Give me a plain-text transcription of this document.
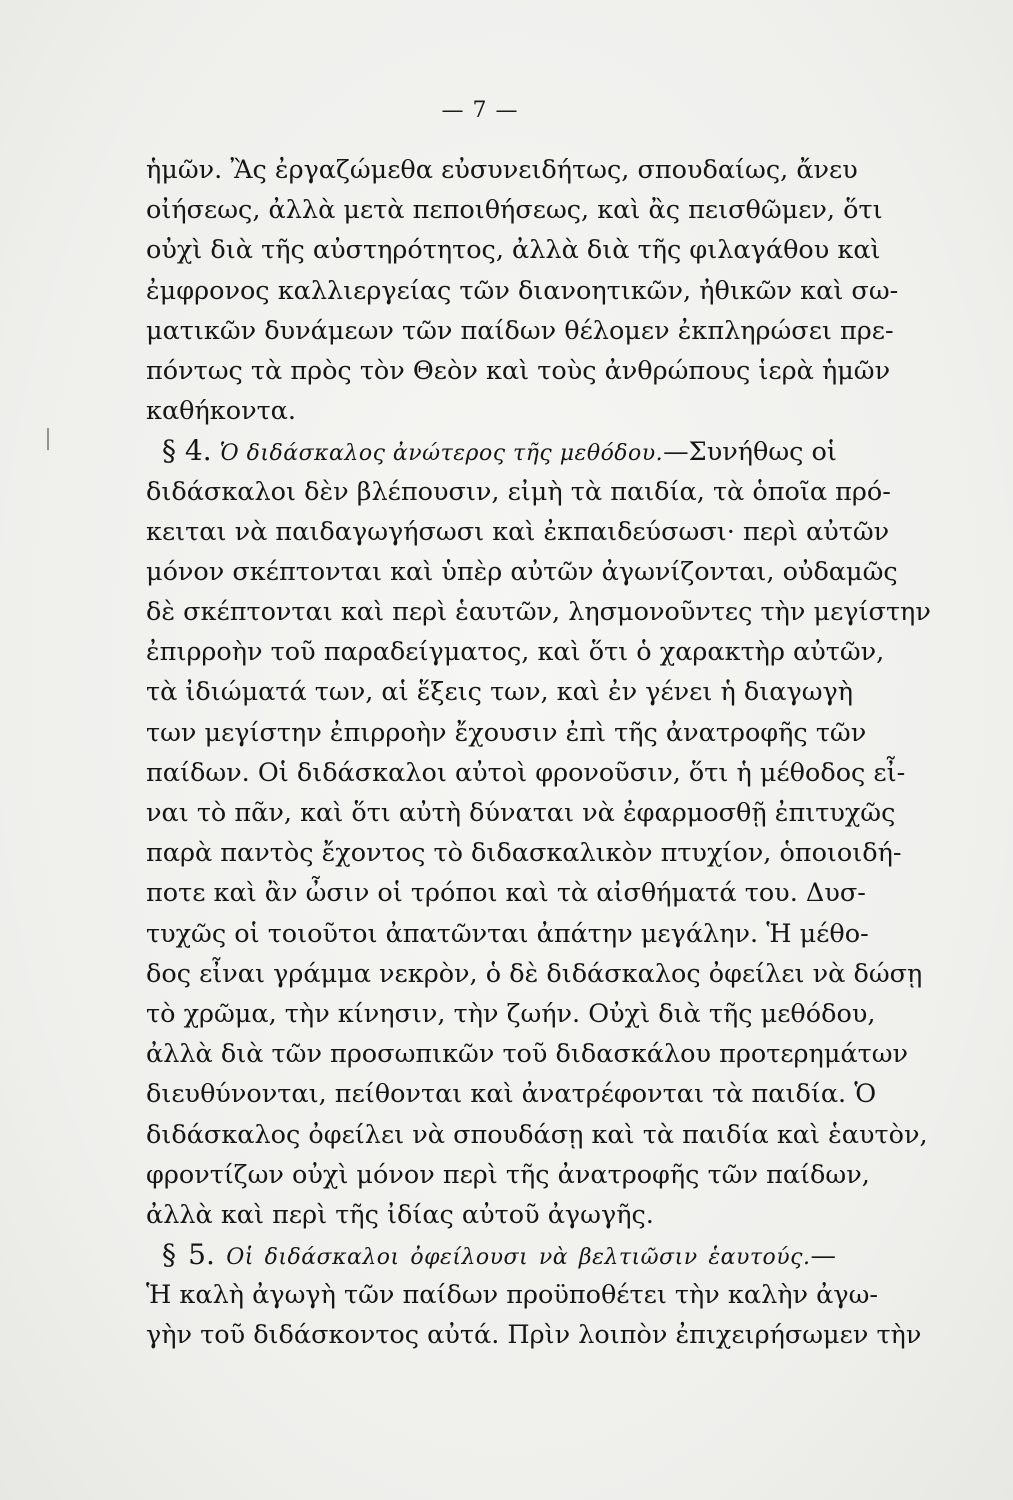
— 7 —
ἡμῶν. Ἂς ἐργαζώμεθα εὐσυνειδήτως, σπουδαίως, ἄνευ
οἰήσεως, ἀλλὰ μετὰ πεποιθήσεως, καὶ ἂς πεισθῶμεν, ὅτι
οὐχὶ διὰ τῆς αὐστηρότητος, ἀλλὰ διὰ τῆς φιλαγάθου καὶ
ἐμφρονος καλλιεργείας τῶν διανοητικῶν, ἠθικῶν καὶ σω-
ματικῶν δυνάμεων τῶν παίδων θέλομεν ἐκπληρώσει πρε-
πόντως τὰ πρὸς τὸν Θεὸν καὶ τοὺς ἀνθρώπους ἱερὰ ἡμῶν
καθήκοντα.
§ 4. Ὁ διδάσκαλος ἀνώτερος τῆς μεθόδου.—Συνήθως οἱ
διδάσκαλοι δὲν βλέπουσιν, εἰμὴ τὰ παιδία, τὰ ὁποῖα πρό-
κειται νὰ παιδαγωγήσωσι καὶ ἐκπαιδεύσωσι· περὶ αὐτῶν
μόνον σκέπτονται καὶ ὑπὲρ αὐτῶν ἀγωνίζονται, οὐδαμῶς
δὲ σκέπτονται καὶ περὶ ἑαυτῶν, λησμονοῦντες τὴν μεγίστην
ἐπιρροὴν τοῦ παραδείγματος, καὶ ὅτι ὁ χαρακτὴρ αὐτῶν,
τὰ ἰδιώματά των, αἱ ἕξεις των, καὶ ἐν γένει ἡ διαγωγὴ
των μεγίστην ἐπιρροὴν ἔχουσιν ἐπὶ τῆς ἀνατροφῆς τῶν
παίδων. Οἱ διδάσκαλοι αὐτοὶ φρονοῦσιν, ὅτι ἡ μέθοδος εἶ-
ναι τὸ πᾶν, καὶ ὅτι αὐτὴ δύναται νὰ ἐφαρμοσθῇ ἐπιτυχῶς
παρὰ παντὸς ἔχοντος τὸ διδασκαλικὸν πτυχίον, ὁποιοιδή-
ποτε καὶ ἂν ὦσιν οἱ τρόποι καὶ τὰ αἰσθήματά του. Δυσ-
τυχῶς οἱ τοιοῦτοι ἀπατῶνται ἀπάτην μεγάλην. Ἡ μέθο-
δος εἶναι γράμμα νεκρὸν, ὁ δὲ διδάσκαλος ὀφείλει νὰ δώσῃ
τὸ χρῶμα, τὴν κίνησιν, τὴν ζωήν. Οὐχὶ διὰ τῆς μεθόδου,
ἀλλὰ διὰ τῶν προσωπικῶν τοῦ διδασκάλου προτερημάτων
διευθύνονται, πείθονται καὶ ἀνατρέφονται τὰ παιδία. Ὁ
διδάσκαλος ὀφείλει νὰ σπουδάσῃ καὶ τὰ παιδία καὶ ἑαυτὸν,
φροντίζων οὐχὶ μόνον περὶ τῆς ἀνατροφῆς τῶν παίδων,
ἀλλὰ καὶ περὶ τῆς ἰδίας αὐτοῦ ἀγωγῆς.
§ 5. Οἱ διδάσκαλοι ὀφείλουσι νὰ βελτιῶσιν ἑαυτούς.—
Ἡ καλὴ ἀγωγὴ τῶν παίδων προϋποθέτει τὴν καλὴν ἀγω-
γὴν τοῦ διδάσκοντος αὐτά. Πρὶν λοιπὸν ἐπιχειρήσωμεν τὴν
